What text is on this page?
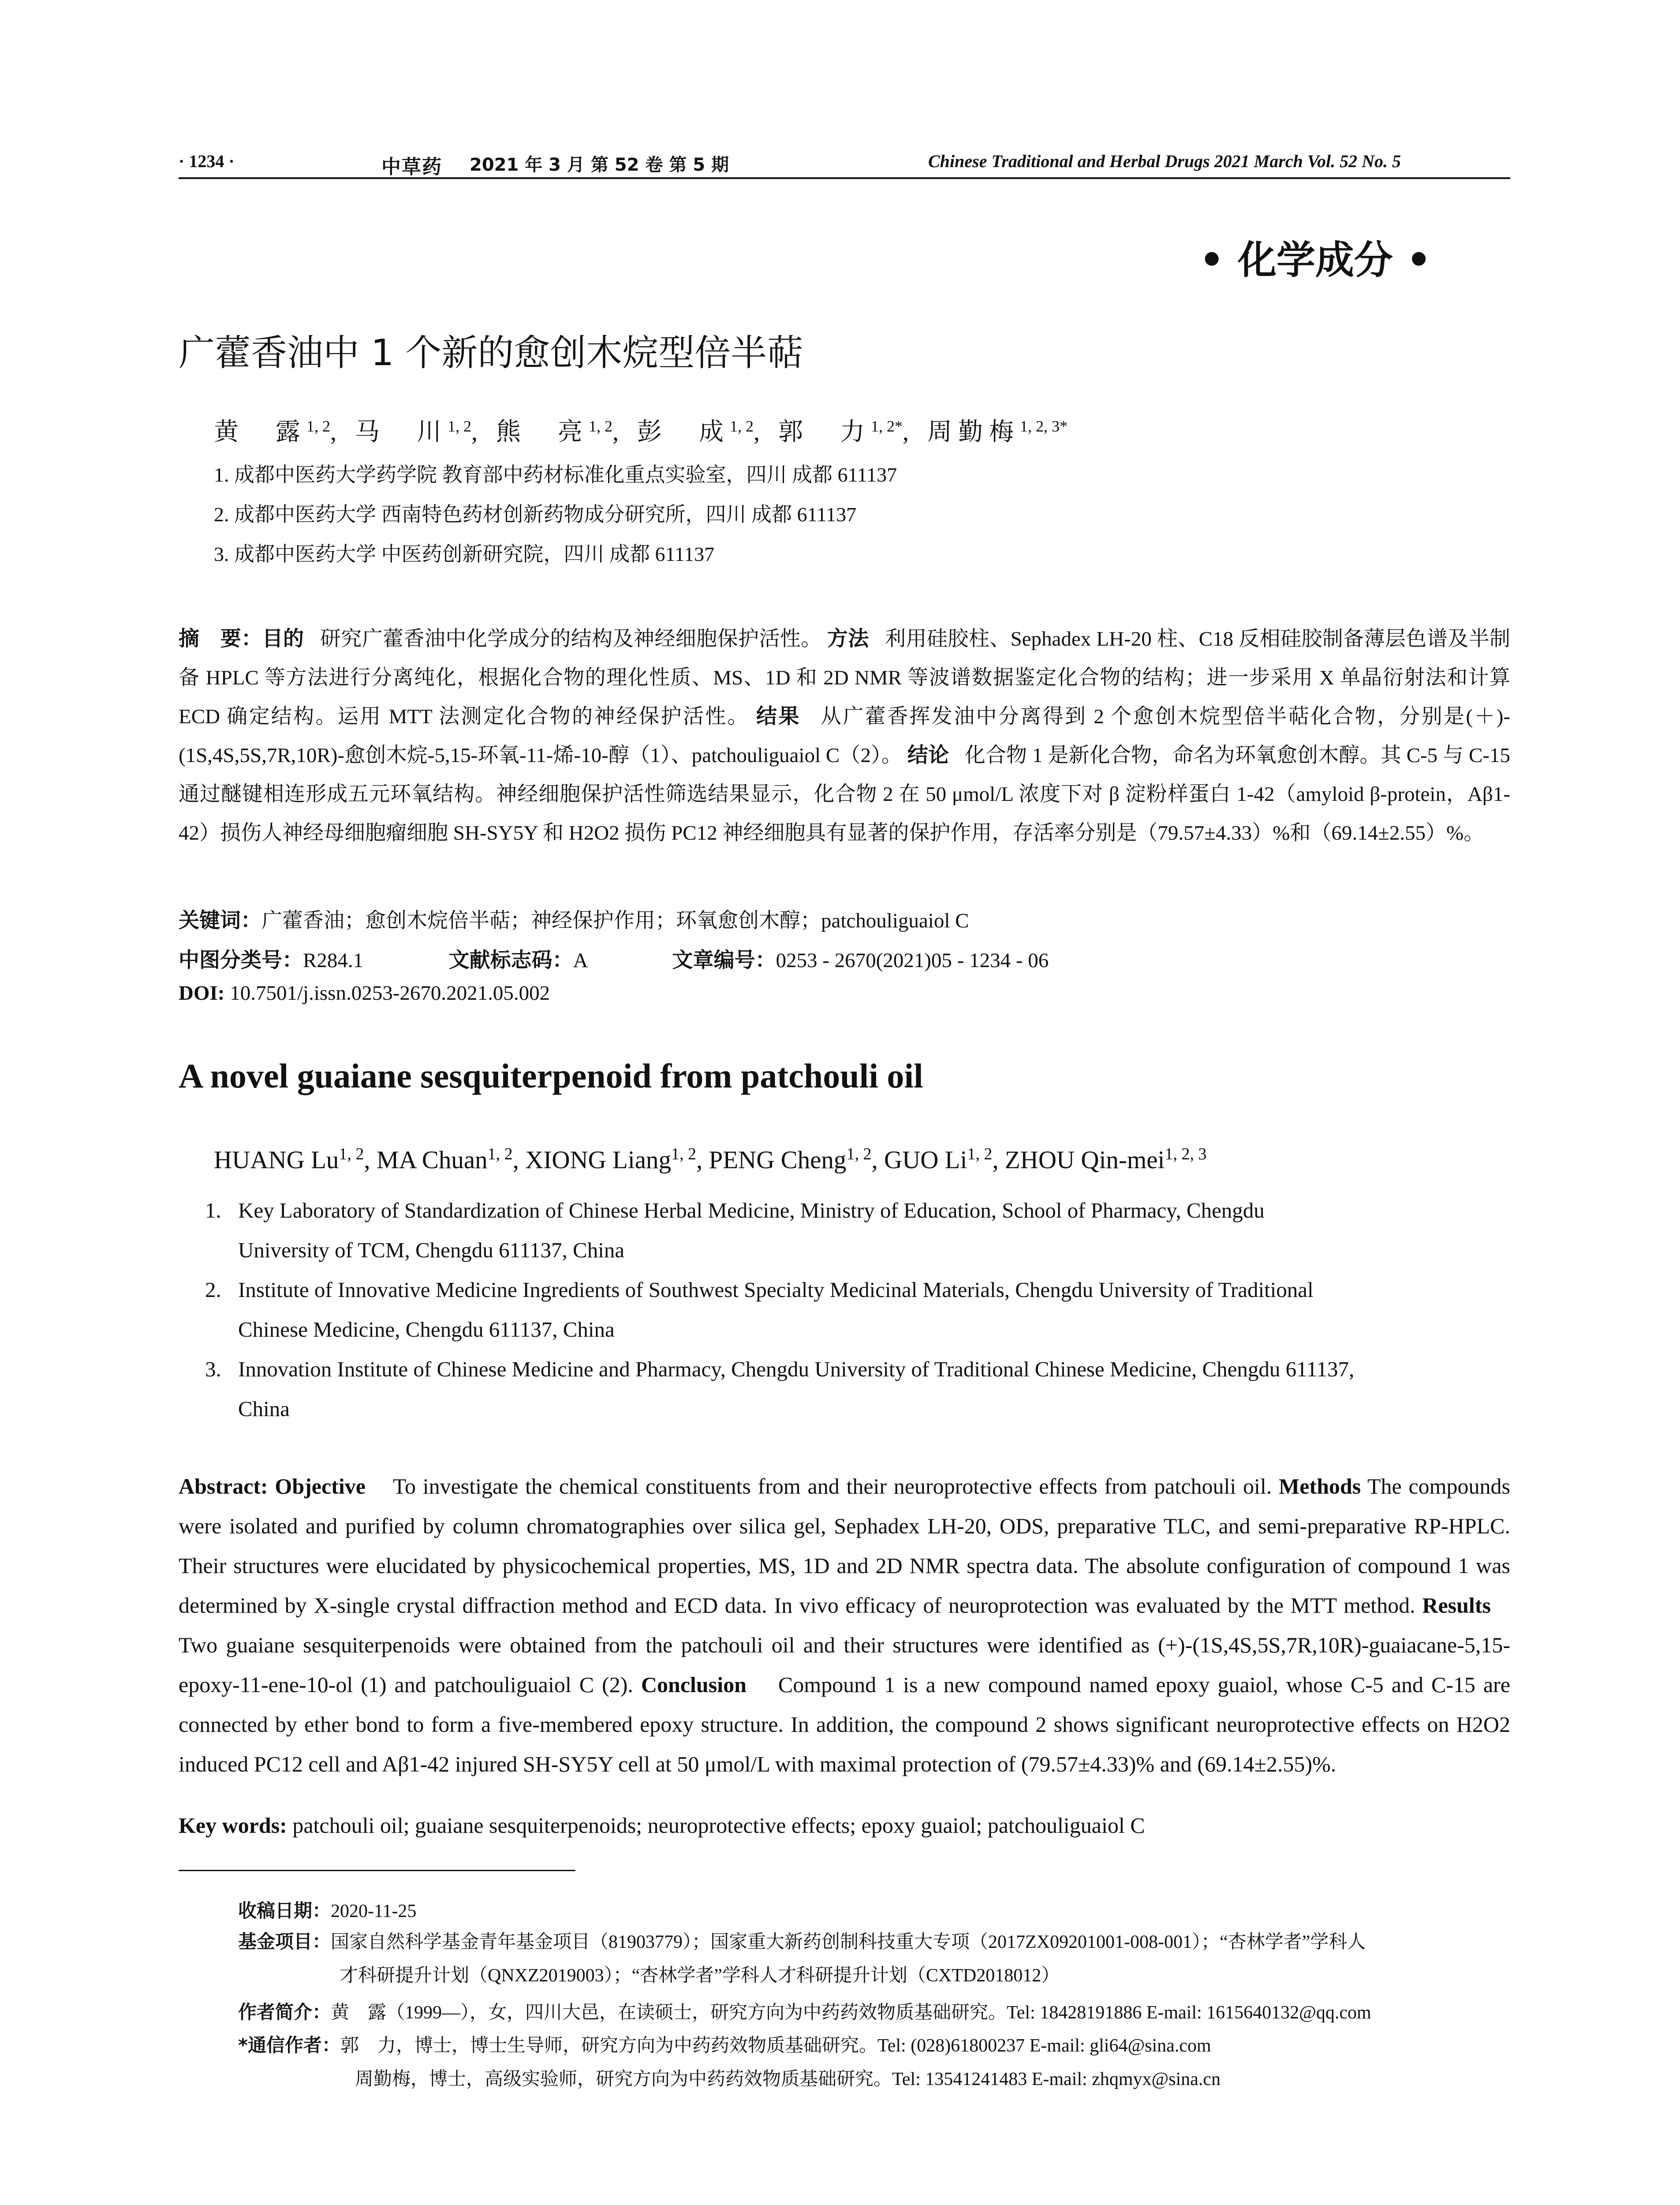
· 1234 ·	中草药 2021 年 3 月 第 52 卷 第 5 期	Chinese Traditional and Herbal Drugs 2021 March Vol. 52 No. 5
• 化学成分 •
广藿香油中 1 个新的愈创木烷型倍半萜
黄　露$^{1, 2}$, 马　川$^{1, 2}$, 熊　亮$^{1, 2}$, 彭　成$^{1, 2}$, 郭　力$^{1, 2*}$, 周勤梅$^{1, 2, 3*}$
1. 成都中医药大学药学院 教育部中药材标准化重点实验室，四川 成都 611137
2. 成都中医药大学 西南特色药材创新药物成分研究所，四川 成都 611137
3. 成都中医药大学 中医药创新研究院，四川 成都 611137
摘　要：目的 研究广藿香油中化学成分的结构及神经细胞保护活性。 方法 利用硅胶柱、Sephadex LH-20 柱、C18 反相硅胶制备薄层色谱及半制备 HPLC 等方法进行分离纯化，根据化合物的理化性质、MS、1D 和 2D NMR 等波谱数据鉴定化合物的结构；进一步采用 X 单晶衍射法和计算 ECD 确定结构。运用 MTT 法测定化合物的神经保护活性。 结果 从广藿香挥发油中分离得到 2 个愈创木烷型倍半萜化合物，分别是(＋)-(1S,4S,5S,7R,10R)-愈创木烷-5,15-环氧-11-烯-10-醇（1）、patchouliguaiol C（2）。 结论 化合物 1 是新化合物，命名为环氧愈创木醇。其 C-5 与 C-15 通过醚键相连形成五元环氧结构。神经细胞保护活性筛选结果显示，化合物 2 在 50 μmol/L 浓度下对 β 淀粉样蛋白 1-42（amyloid β-protein，Aβ1-42）损伤人神经母细胞瘤细胞 SH-SY5Y 和 H2O2 损伤 PC12 神经细胞具有显著的保护作用，存活率分别是（79.57±4.33）%和（69.14±2.55）%。
关键词：广藿香油；愈创木烷倍半萜；神经保护作用；环氧愈创木醇；patchouliguaiol C
中图分类号：R284.1	文献标志码：A	文章编号：0253 - 2670(2021)05 - 1234 - 06
DOI: 10.7501/j.issn.0253-2670.2021.05.002
A novel guaiane sesquiterpenoid from patchouli oil
HUANG Lu$^{1, 2}$, MA Chuan$^{1, 2}$, XIONG Liang$^{1, 2}$, PENG Cheng$^{1, 2}$, GUO Li$^{1, 2}$, ZHOU Qin-mei$^{1, 2, 3}$
1. Key Laboratory of Standardization of Chinese Herbal Medicine, Ministry of Education, School of Pharmacy, Chengdu
University of TCM, Chengdu 611137, China
2. Institute of Innovative Medicine Ingredients of Southwest Specialty Medicinal Materials, Chengdu University of Traditional
Chinese Medicine, Chengdu 611137, China
3. Innovation Institute of Chinese Medicine and Pharmacy, Chengdu University of Traditional Chinese Medicine, Chengdu 611137,
China
Abstract: Objective To investigate the chemical constituents from and their neuroprotective effects from patchouli oil. Methods The compounds were isolated and purified by column chromatographies over silica gel, Sephadex LH-20, ODS, preparative TLC, and semi-preparative RP-HPLC. Their structures were elucidated by physicochemical properties, MS, 1D and 2D NMR spectra data. The absolute configuration of compound 1 was determined by X-single crystal diffraction method and ECD data. In vivo efficacy of neuroprotection was evaluated by the MTT method. Results    Two guaiane sesquiterpenoids were obtained from the patchouli oil and their structures were identified as (+)-(1S,4S,5S,7R,10R)-guaiacane-5,15-epoxy-11-ene-10-ol (1) and patchouliguaiol C (2). Conclusion Compound 1 is a new compound named epoxy guaiol, whose C-5 and C-15 are connected by ether bond to form a five-membered epoxy structure. In addition, the compound 2 shows significant neuroprotective effects on H2O2 induced PC12 cell and Aβ1-42 injured SH-SY5Y cell at 50 μmol/L with maximal protection of (79.57±4.33)% and (69.14±2.55)%.
Key words: patchouli oil; guaiane sesquiterpenoids; neuroprotective effects; epoxy guaiol; patchouliguaiol C
收稿日期：2020-11-25
基金项目：国家自然科学基金青年基金项目（81903779）；国家重大新药创制科技重大专项（2017ZX09201001-008-001）；“杏林学者”学科人
才科研提升计划（QNXZ2019003）；“杏林学者”学科人才科研提升计划（CXTD2018012）
作者简介：黄　露（1999—），女，四川大邑，在读硕士，研究方向为中药药效物质基础研究。Tel: 18428191886 E-mail: 1615640132@qq.com
*通信作者：郭　力，博士，博士生导师，研究方向为中药药效物质基础研究。Tel: (028)61800237 E-mail: gli64@sina.com
周勤梅，博士，高级实验师，研究方向为中药药效物质基础研究。Tel: 13541241483 E-mail: zhqmyx@sina.cn
